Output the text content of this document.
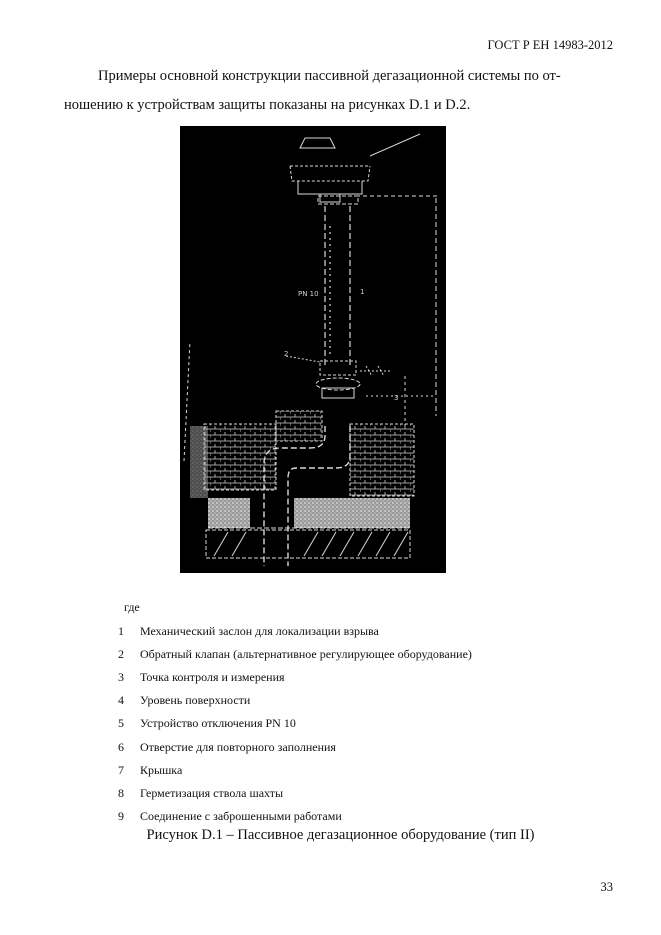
ГОСТ Р ЕН 14983-2012
Примеры основной конструкции пассивной дегазационной системы по от-
ношению к устройствам защиты показаны на рисунках D.1 и D.2.
PN 10	1
2
3
где
1	Механический заслон для локализации взрыва
2	Обратный клапан (альтернативное регулирующее оборудование)
3	Точка контроля и измерения
4	Уровень поверхности
5	Устройство отключения PN 10
6	Отверстие для повторного заполнения
7	Крышка
8	Герметизация ствола шахты
9	Соединение с заброшенными работами
Рисунок D.1 – Пассивное дегазационное оборудование (тип II)
33
